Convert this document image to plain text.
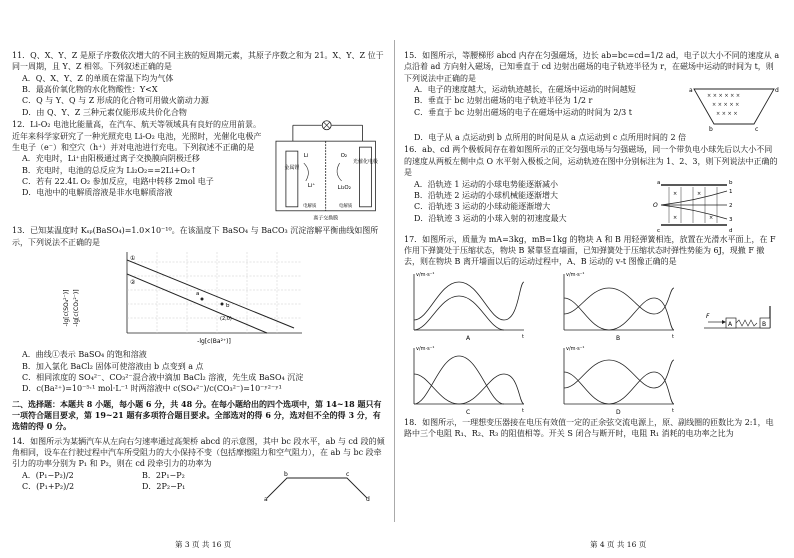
11．Q、X、Y、Z 是原子序数依次增大的不同主族的短周期元素，其原子序数之和为 21。X、Y、Z 位于同一周期，且 Y、Z 相邻。下列叙述正确的是
A．Q、X、Y、Z 的单质在常温下均为气体
B．最高价氧化物的水化物酸性：Y<X
C．Q 与 Y、Q 与 Z 形成的化合物可用做火箭动力源
D．由 Q、Y、Z 三种元素仅能形成共价化合物
12．Li-O₂ 电池比能量高，在汽车、航天等领域具有良好的应用前景。近年来科学家研究了一种光照充电 Li-O₂ 电池，光照时，光催化电极产生电子（e⁻）和空穴（h⁺）并对电池进行充电。下列叙述不正确的是
A．充电时，Li⁺由阳极通过离子交换膜向阴极迁移
B．充电时，电池的总反应为 Li₂O₂==2Li+O₂↑
C．若有 22.4L O₂ 参加反应，电路中转移 2mol 电子
D．电池中的电解质溶液是非水电解质溶液
金属锂
光催化电极
Li
Li⁺
O₂
Li₂O₂
电解质	电解质
离子交换膜
13．已知某温度时 Kₛₚ(BaSO₄)=1.0×10⁻¹⁰。在该温度下 BaSO₄ 与 BaCO₃ 沉淀溶解平衡曲线如图所示，下列说法不正确的是
-lg[c(SO₄²⁻)] -lg[c(CO₃²⁻)]
①
②
a
b
(2,0)
-lg[c(Ba²⁺)]
A．曲线①表示 BaSO₄ 的饱和溶液
B．加入氯化 BaCl₂ 固体可使溶液由 b 点变到 a 点
C．相同浓度的 SO₄²⁻、CO₃²⁻混合液中滴加 BaCl₂ 溶液，先生成 BaSO₄ 沉淀
D．c(Ba²⁺)=10⁻⁵·¹ mol·L⁻¹ 时两溶液中 c(SO₄²⁻)/c(CO₃²⁻)=10⁻ʸ²⁻ʸ¹
二、选择题：本题共 8 小题，每小题 6 分，共 48 分。在每小题给出的四个选项中，第 14~18 题只有一项符合题目要求，第 19~21 题有多项符合题目要求。全部选对的得 6 分，选对但不全的得 3 分，有选错的得 0 分。
14．如图所示为某辆汽车从左向右匀速率通过高架桥 abcd 的示意图，其中 bc 段水平，ab 与 cd 段的倾角相同，设车在行驶过程中汽车所受阻力的大小保持不变（包括摩擦阻力和空气阻力），在 ab 与 bc 段牵引力的功率分别为 P₁ 和 P₂，则在 cd 段牵引力的功率为
A．(P₁−P₂)/2	B．2P₁−P₂
C．(P₁+P₂)/2	D．2P₂−P₁
a
b	c
d
15．如图所示，等腰梯形 abcd 内存在匀强磁场，边长 ab=bc=cd=1/2 ad，电子以大小不同的速度从 a 点沿着 ad 方向射入磁场，已知垂直于 cd 边射出磁场的电子轨迹半径为 r，在磁场中运动的时间为 t，则下列说法中正确的是
A．电子的速度越大，运动轨迹越长，在磁场中运动的时间越短
B．垂直于 bc 边射出磁场的电子轨迹半径为 1/2 r
C．垂直于 bc 边射出磁场的电子在磁场中运动的时间为 2/3 t
× × × × × ×
× × × × ×
× × × ×
a
b	c
d
D．电子从 a 点运动到 b 点所用的时间是从 a 点运动到 c 点所用时间的 2 倍
16．ab、cd 两个极板间存在着如图所示的正交匀强电场与匀强磁场，同一个带负电小球先后以大小不同的速度从两板左侧中点 O 水平射入极板之间，运动轨迹在图中分别标注为 1、2、3，则下列说法中正确的是
A．沿轨迹 1 运动的小球电势能逐渐减小
B．沿轨迹 2 运动的小球机械能逐渐增大
C．沿轨迹 3 运动的小球动能逐渐增大
D．沿轨迹 3 运动的小球入射的初速度最大
×	×
×	×
a	b
c	d
O
1
2
3
17．如图所示，质量为 mA=3kg，mB=1kg 的物块 A 和 B 用轻弹簧相连，放置在光滑水平面上，在 F 作用下弹簧处于压缩状态，物块 B 紧靠竖直墙面，已知弹簧处于压缩状态时弹性势能为 6J，现撤 F 撤去，则在物块 B 离开墙面以后的运动过程中，A、B 运动的 v-t 图像正确的是
v/m·s⁻¹
t
A
v/m·s⁻¹
t
B
v/m·s⁻¹
t
C
v/m·s⁻¹
t
D
F
A	B
18．如图所示，一理想变压器接在电压有效值一定的正余弦交流电源上，原、副线圈的匝数比为 2:1，电路中三个电阻 R₁、R₂、R₃ 的阻值相等。开关 S 闭合与断开时，电阻 R₁ 消耗的电功率之比为
第 3 页 共 16 页	第 4 页 共 16 页
